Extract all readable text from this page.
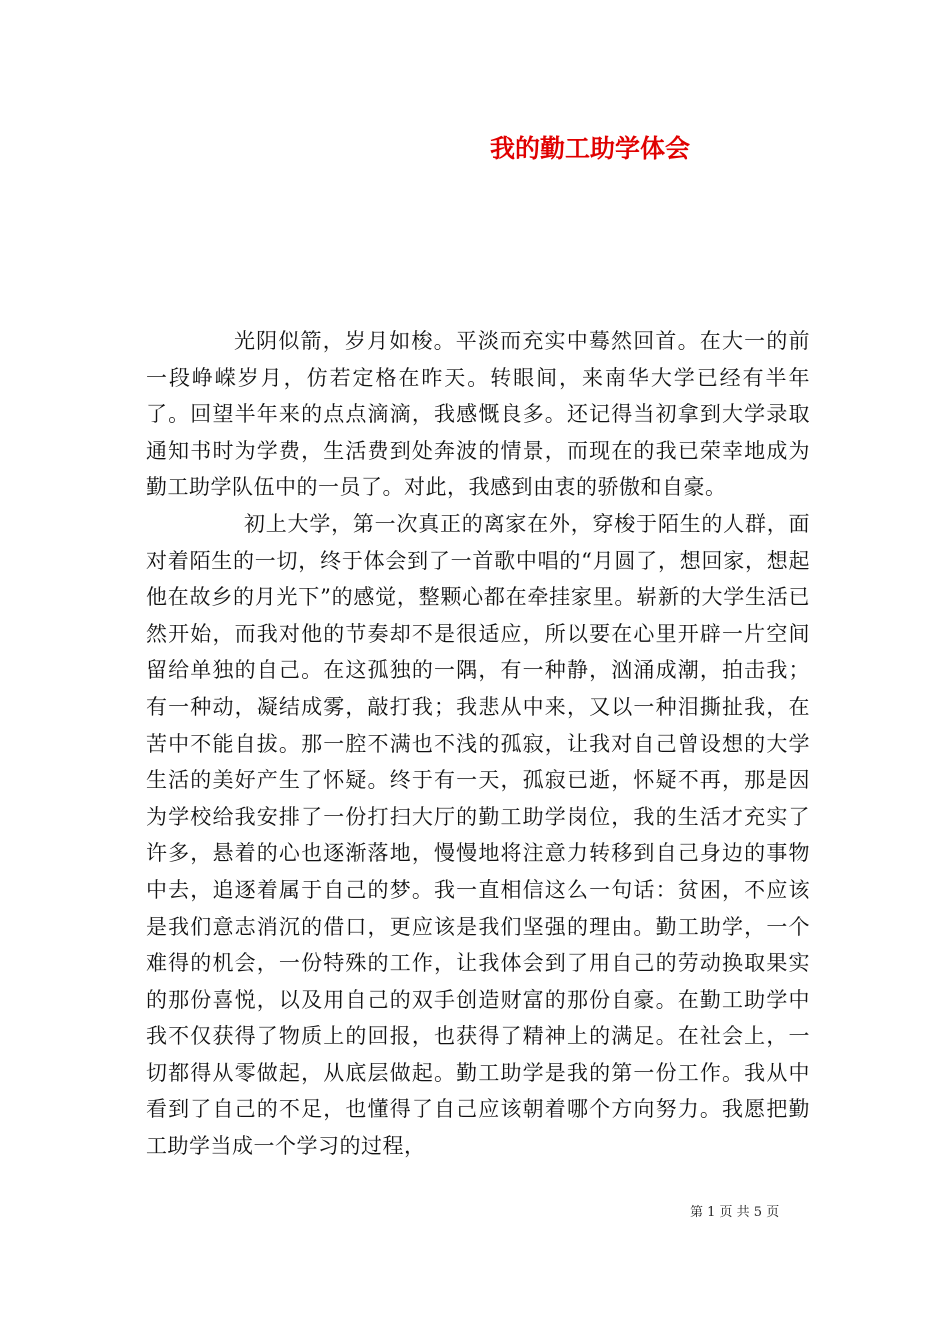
我的勤工助学体会

光阴似箭，岁月如梭。平淡而充实中蓦然回首。在大一的前一段峥嵘岁月，仿若定格在昨天。转眼间，来南华大学已经有半年了。回望半年来的点点滴滴，我感慨良多。还记得当初拿到大学录取通知书时为学费，生活费到处奔波的情景，而现在的我已荣幸地成为勤工助学队伍中的一员了。对此，我感到由衷的骄傲和自豪。

初上大学，第一次真正的离家在外，穿梭于陌生的人群，面对着陌生的一切，终于体会到了一首歌中唱的“月圆了，想回家，想起他在故乡的月光下”的感觉，整颗心都在牵挂家里。崭新的大学生活已然开始，而我对他的节奏却不是很适应，所以要在心里开辟一片空间留给单独的自己。在这孤独的一隅，有一种静，汹涌成潮，拍击我；有一种动，凝结成雾，敲打我；我悲从中来，又以一种泪撕扯我，在苦中不能自拔。那一腔不满也不浅的孤寂，让我对自己曾设想的大学生活的美好产生了怀疑。终于有一天，孤寂已逝，怀疑不再，那是因为学校给我安排了一份打扫大厅的勤工助学岗位，我的生活才充实了许多，悬着的心也逐渐落地，慢慢地将注意力转移到自己身边的事物中去，追逐着属于自己的梦。我一直相信这么一句话：贫困，不应该是我们意志消沉的借口，更应该是我们坚强的理由。勤工助学，一个难得的机会，一份特殊的工作，让我体会到了用自己的劳动换取果实的那份喜悦，以及用自己的双手创造财富的那份自豪。在勤工助学中我不仅获得了物质上的回报，也获得了精神上的满足。在社会上，一切都得从零做起，从底层做起。勤工助学是我的第一份工作。我从中看到了自己的不足，也懂得了自己应该朝着哪个方向努力。我愿把勤工助学当成一个学习的过程，

第 1 页 共 5 页
